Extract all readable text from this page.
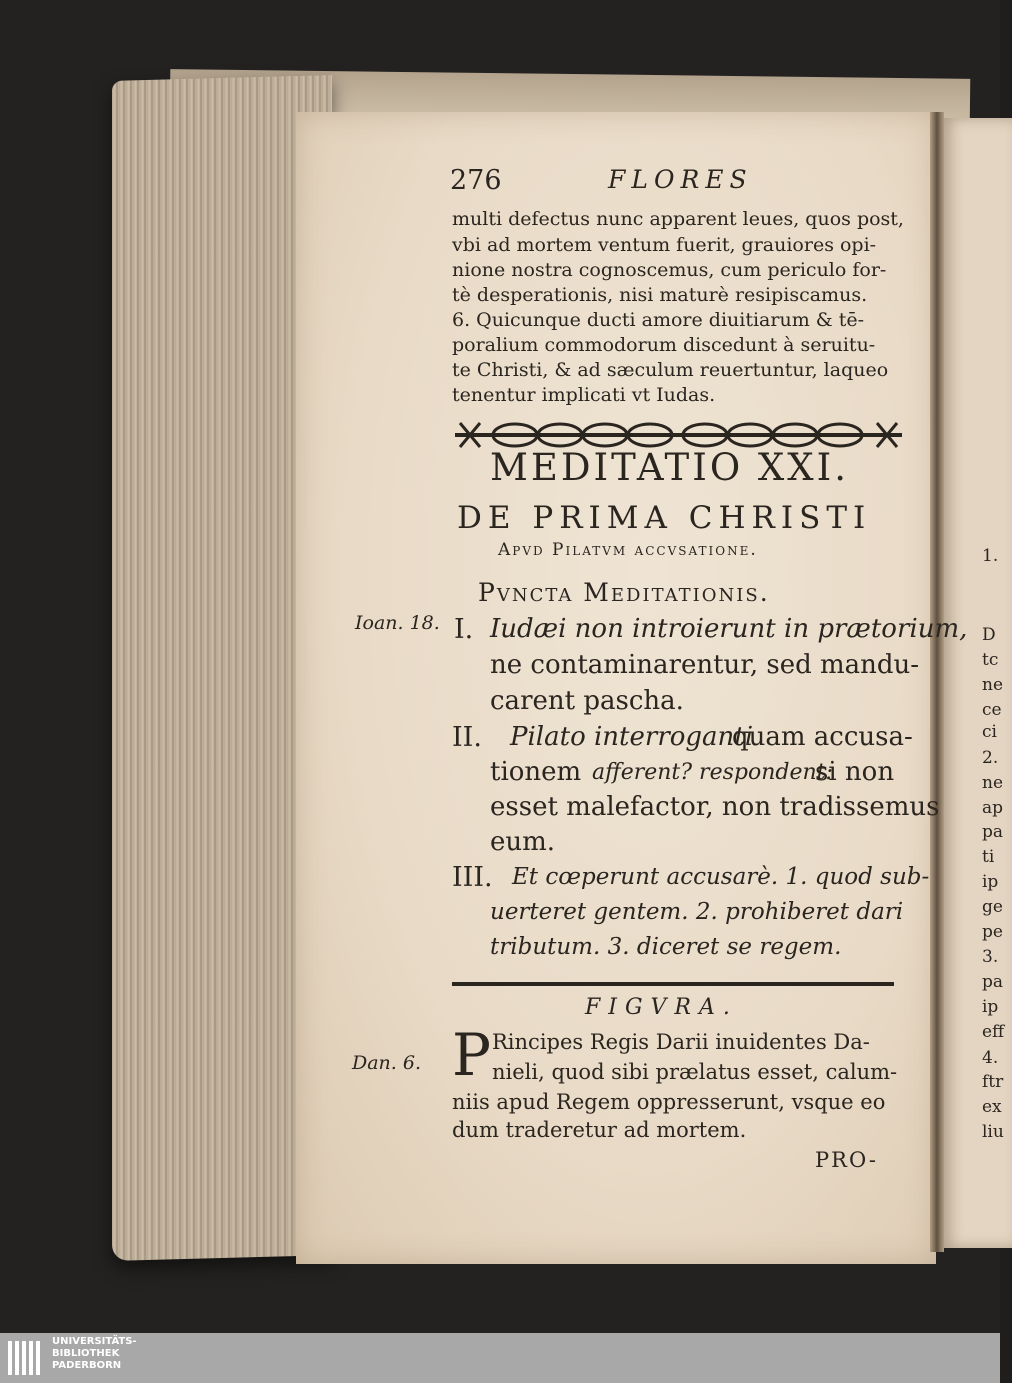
276	FLORES
multi defectus nunc apparent leues, quos post,
vbi ad mortem ventum fuerit, grauiores opi-
nione nostra cognoscemus, cum periculo for-
tè desperationis, nisi maturè resipiscamus.
6. Quicunque ducti amore diuitiarum & tē-
poralium commodorum discedunt à seruitu-
te Christi, & ad sæculum reuertuntur, laqueo
tenentur implicati vt Iudas.
MEDITATIO XXI.
DE PRIMA CHRISTI
Apvd Pilatvm accvsatione.
Pvncta Meditationis.
Ioan. 18. I. Iudæi non introierunt in prætorium,
ne contaminarentur, sed mandu-
carent pascha.
II. Pilato interroganti
quam accusa-
tionem afferent? respondent:
si non
esset malefactor, non tradissemus
eum.
III. Et cœperunt accusarè. 1. quod sub-
uerteret gentem. 2. prohiberet dari
tributum. 3. diceret se regem.
FIGVRA.
Dan. 6. P Rincipes Regis Darii inuidentes Da-
nieli, quod sibi prælatus esset, calum-
niis apud Regem oppresserunt, vsque eo
dum traderetur ad mortem.
PRO-
1.
D
tc
ne
ce
ci
2.
ne
ap
pa
ti
ip
ge
pe
3.
pa
ip
eff
4.
ftr
ex
liu
UNIVERSITÄTS-
BIBLIOTHEK
PADERBORN
